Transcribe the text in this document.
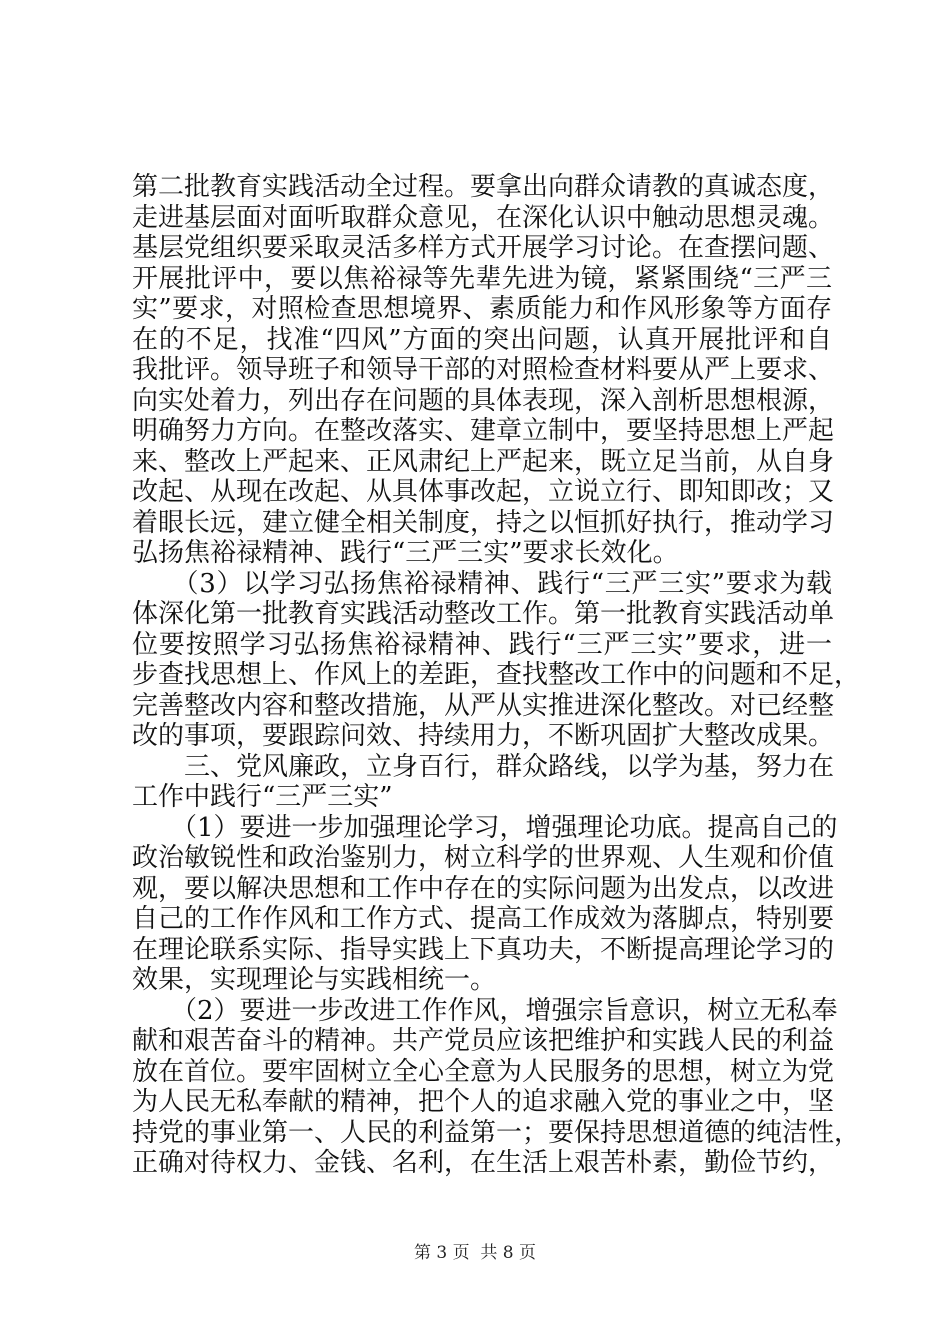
第二批教育实践活动全过程。要拿出向群众请教的真诚态度，
走进基层面对面听取群众意见，在深化认识中触动思想灵魂。
基层党组织要采取灵活多样方式开展学习讨论。在查摆问题、
开展批评中，要以焦裕禄等先辈先进为镜，紧紧围绕“三严三
实”要求，对照检查思想境界、素质能力和作风形象等方面存
在的不足，找准“四风”方面的突出问题，认真开展批评和自
我批评。领导班子和领导干部的对照检查材料要从严上要求、
向实处着力，列出存在问题的具体表现，深入剖析思想根源，
明确努力方向。在整改落实、建章立制中，要坚持思想上严起
来、整改上严起来、正风肃纪上严起来，既立足当前，从自身
改起、从现在改起、从具体事改起，立说立行、即知即改；又
着眼长远，建立健全相关制度，持之以恒抓好执行，推动学习
弘扬焦裕禄精神、践行“三严三实”要求长效化。
　　（3）以学习弘扬焦裕禄精神、践行“三严三实”要求为载
体深化第一批教育实践活动整改工作。第一批教育实践活动单
位要按照学习弘扬焦裕禄精神、践行“三严三实”要求，进一
步查找思想上、作风上的差距，查找整改工作中的问题和不足，
完善整改内容和整改措施，从严从实推进深化整改。对已经整
改的事项，要跟踪问效、持续用力，不断巩固扩大整改成果。
　　三、党风廉政，立身百行，群众路线，以学为基，努力在
工作中践行“三严三实”
　　（1）要进一步加强理论学习，增强理论功底。提高自己的
政治敏锐性和政治鉴别力，树立科学的世界观、人生观和价值
观，要以解决思想和工作中存在的实际问题为出发点，以改进
自己的工作作风和工作方式、提高工作成效为落脚点，特别要
在理论联系实际、指导实践上下真功夫，不断提高理论学习的
效果，实现理论与实践相统一。
　　（2）要进一步改进工作作风，增强宗旨意识，树立无私奉
献和艰苦奋斗的精神。共产党员应该把维护和实践人民的利益
放在首位。要牢固树立全心全意为人民服务的思想，树立为党
为人民无私奉献的精神，把个人的追求融入党的事业之中，坚
持党的事业第一、人民的利益第一；要保持思想道德的纯洁性，
正确对待权力、金钱、名利，在生活上艰苦朴素，勤俭节约，
第 3 页  共 8 页
